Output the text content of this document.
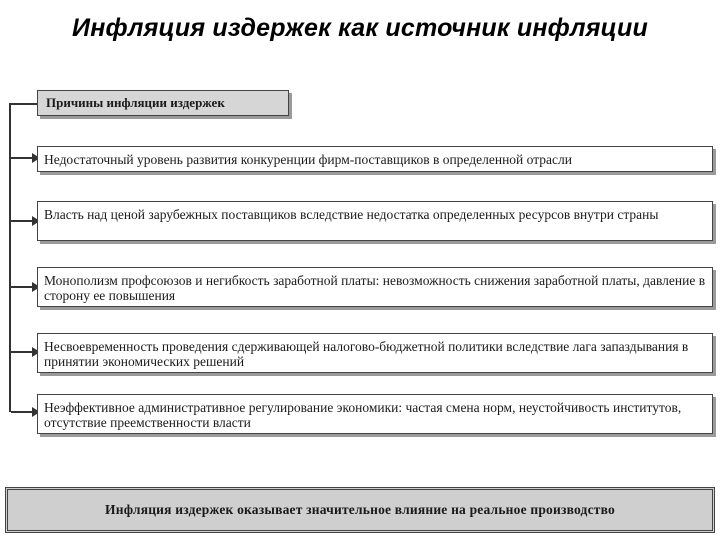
Инфляция издержек как источник инфляции
Причины инфляции издержек
Недостаточный уровень развития конкуренции фирм-поставщиков в определенной отрасли
Власть над ценой зарубежных поставщиков вследствие недостатка определенных ресурсов внутри страны
Монополизм профсоюзов и негибкость заработной платы: невозможность снижения заработной платы, давление в сторону ее повышения
Несвоевременность проведения сдерживающей налогово-бюджетной политики вследствие лага запаздывания в принятии экономических решений
Неэффективное административное регулирование экономики: частая смена норм, неустойчивость институтов, отсутствие преемственности власти
Инфляция издержек оказывает значительное влияние на реальное производство
